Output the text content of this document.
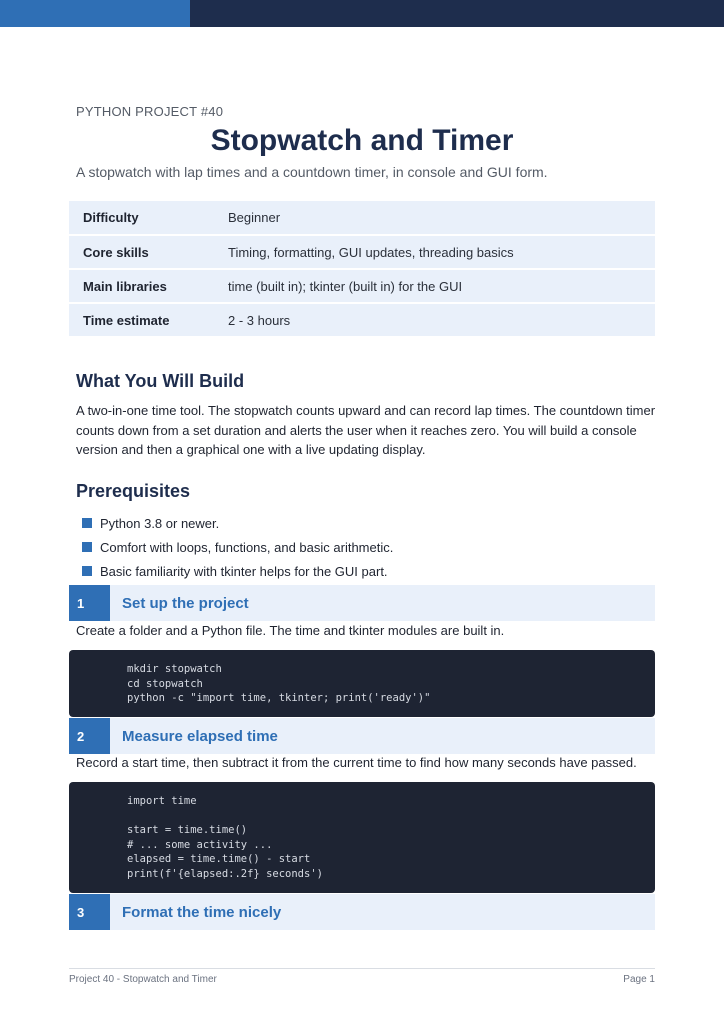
PYTHON PROJECT #40
Stopwatch and Timer
A stopwatch with lap times and a countdown timer, in console and GUI form.
Difficulty	Beginner
Core skills	Timing, formatting, GUI updates, threading basics
Main libraries	time (built in); tkinter (built in) for the GUI
Time estimate	2 - 3 hours
What You Will Build
A two-in-one time tool. The stopwatch counts upward and can record lap times. The countdown timer
counts down from a set duration and alerts the user when it reaches zero. You will build a console
version and then a graphical one with a live updating display.
Prerequisites
Python 3.8 or newer.
Comfort with loops, functions, and basic arithmetic.
Basic familiarity with tkinter helps for the GUI part.
1	Set up the project
Create a folder and a Python file. The time and tkinter modules are built in.
mkdir stopwatch
cd stopwatch
python -c "import time, tkinter; print('ready')"
2	Measure elapsed time
Record a start time, then subtract it from the current time to find how many seconds have passed.
import time
start = time.time()
# ... some activity ...
elapsed = time.time() - start
print(f'{elapsed:.2f} seconds')
3	Format the time nicely
Project 40 - Stopwatch and Timer	Page 1
